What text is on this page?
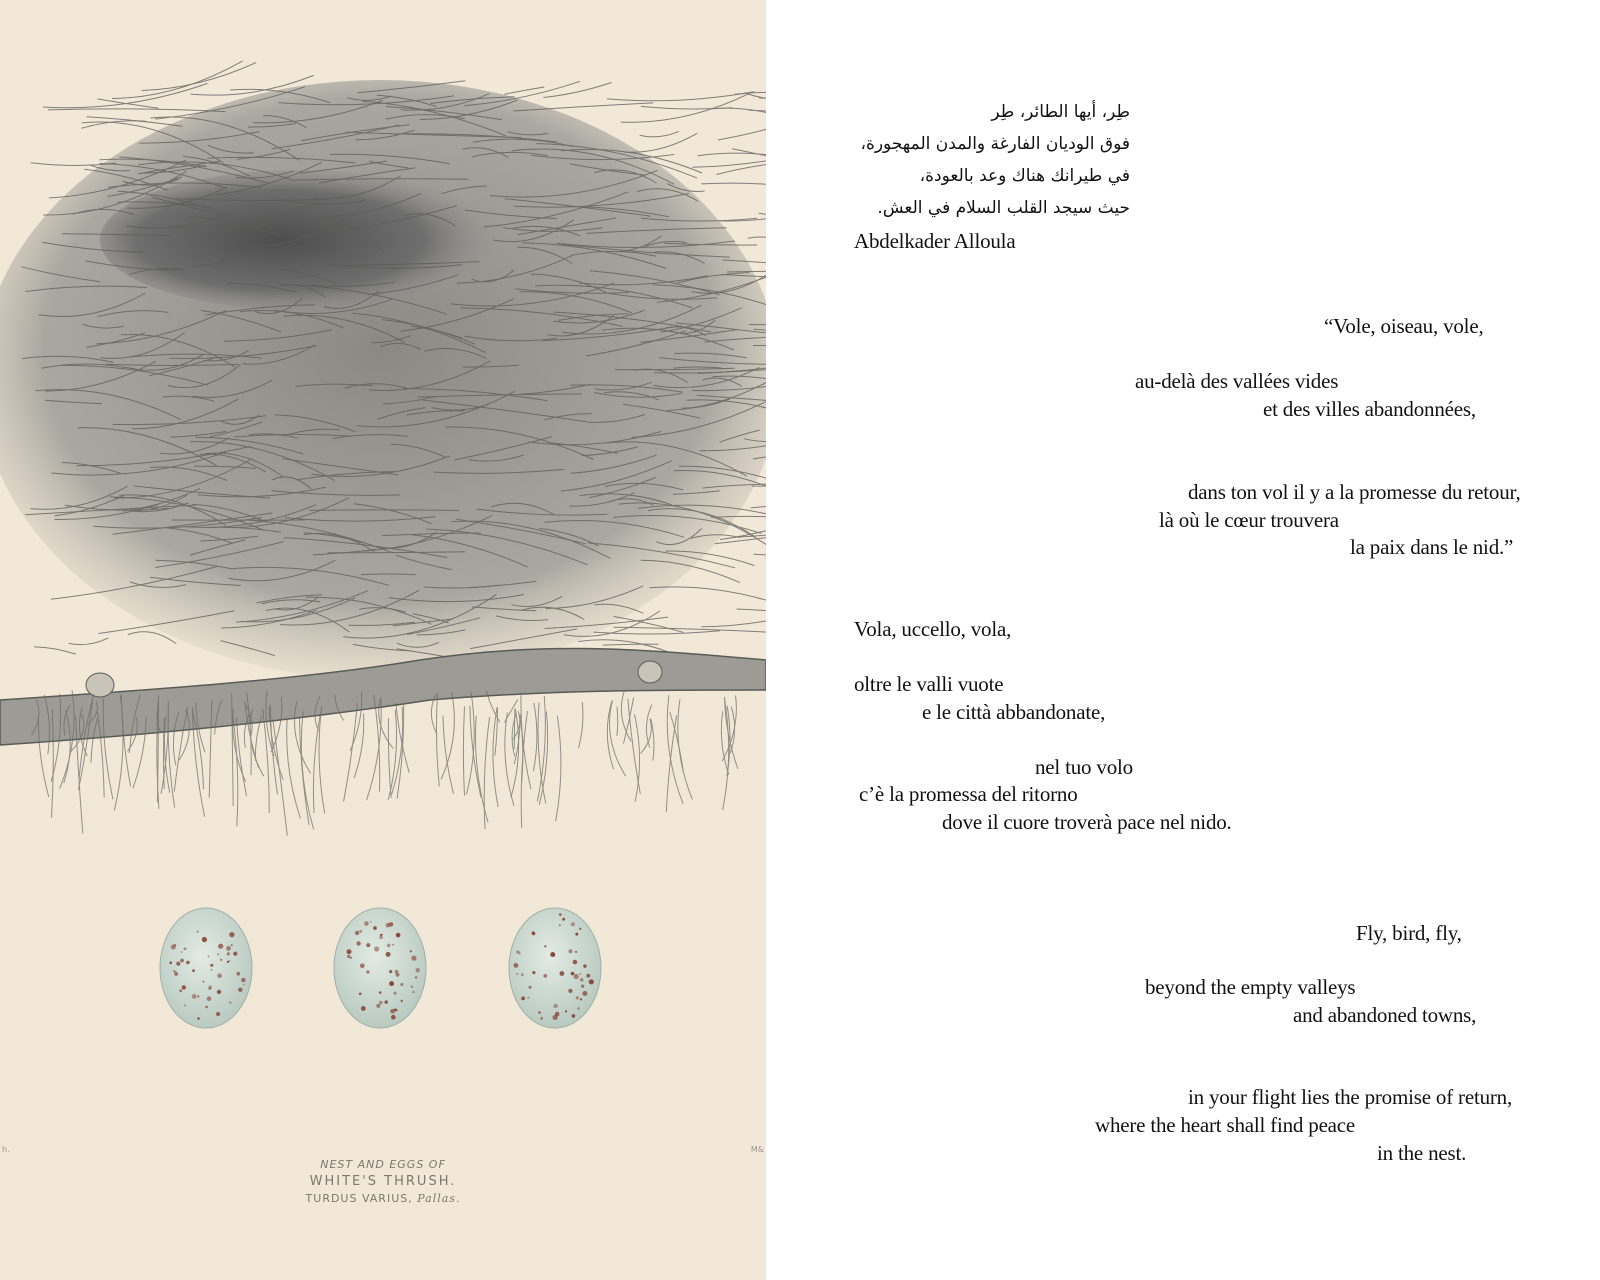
h.	M&
NEST AND EGGS OF
WHITE'S THRUSH.
TURDUS VARIUS, Pallas.
طِر، أيها الطائر، طِر
فوق الوديان الفارغة والمدن المهجورة،
في طيرانك هناك وعد بالعودة،
حيث سيجد القلب السلام في العش.
Abdelkader Alloula
“Vole, oiseau, vole,
au-delà des vallées vides
et des villes abandonnées,
dans ton vol il y a la promesse du retour,
là où le cœur trouvera
la paix dans le nid.”
Vola, uccello, vola,
oltre le valli vuote
e le città abbandonate,
nel tuo volo
c’è la promessa del ritorno
dove il cuore troverà pace nel nido.
Fly, bird, fly,
beyond the empty valleys
and abandoned towns,
in your flight lies the promise of return,
where the heart shall find peace
in the nest.
